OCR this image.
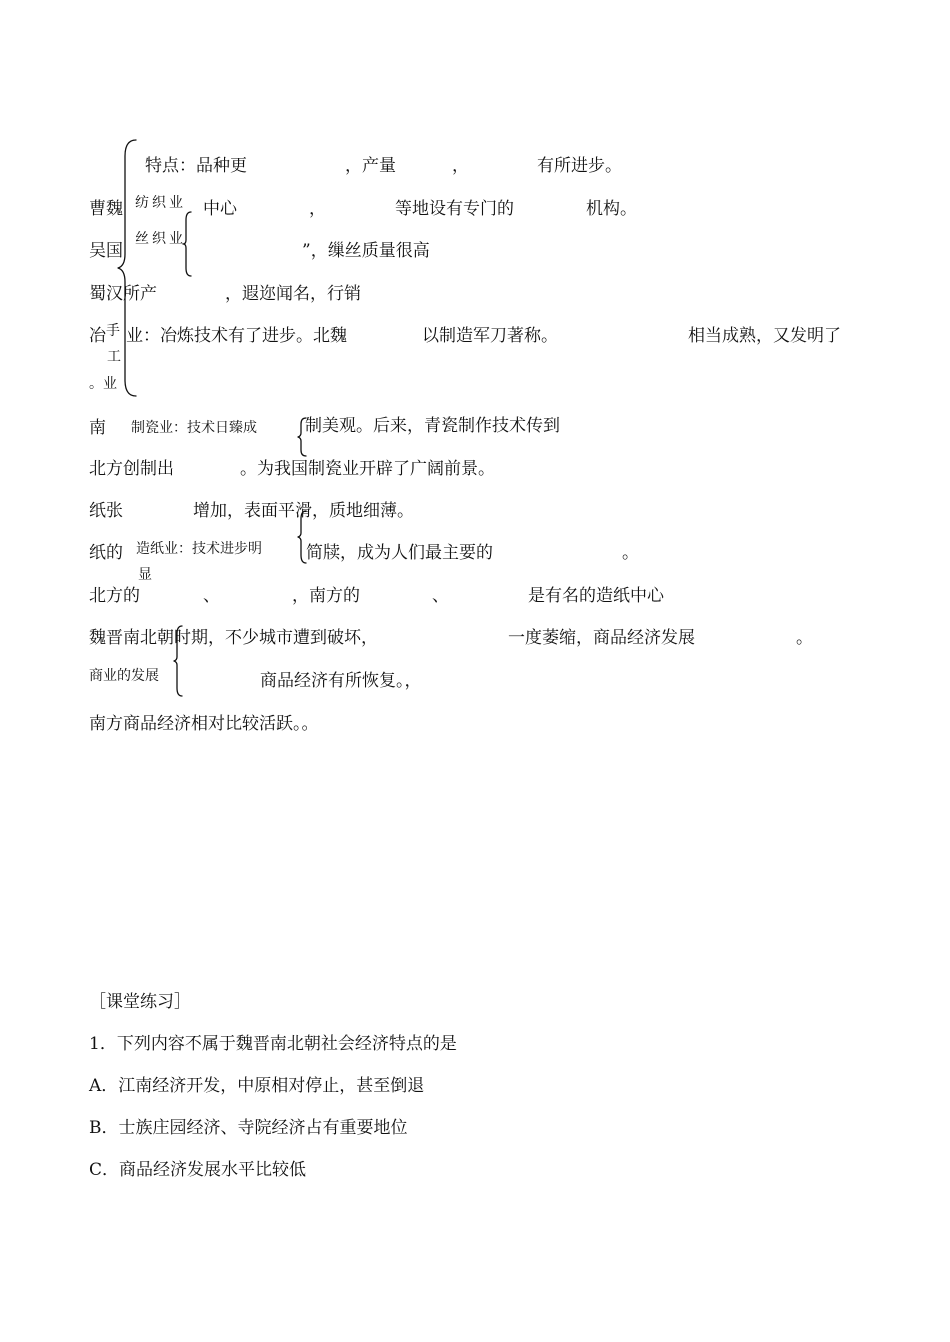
手
工
。业
特点：品种更	，产量	，	有所进步。
曹魏 纺织业 中心	，	等地设有专门的	机构。
吴国
丝织业
”，缫丝质量很高
蜀汉所产	，遐迩闻名，行销
冶 业：冶炼技术有了进步。北魏	以制造军刀著称。	相当成熟，又发明了
南 制瓷业：技术日臻成	制美观。后来，青瓷制作技术传到
北方创制出	。为我国制瓷业开辟了广阔前景。
纸张	增加，表面平滑，质地细薄。
纸的 造纸业：技术进步明
显
简牍，成为人们最主要的	。
北方的	、	，南方的	、	是有名的造纸中心
魏晋南北朝时期，不少城市遭到破坏，	一度萎缩，商品经济发展	。
商业的发展	商品经济有所恢复。，
南方商品经济相对比较活跃。。
［课堂练习］
1．下列内容不属于魏晋南北朝社会经济特点的是
A．江南经济开发，中原相对停止，甚至倒退
B．士族庄园经济、寺院经济占有重要地位
C．商品经济发展水平比较低
